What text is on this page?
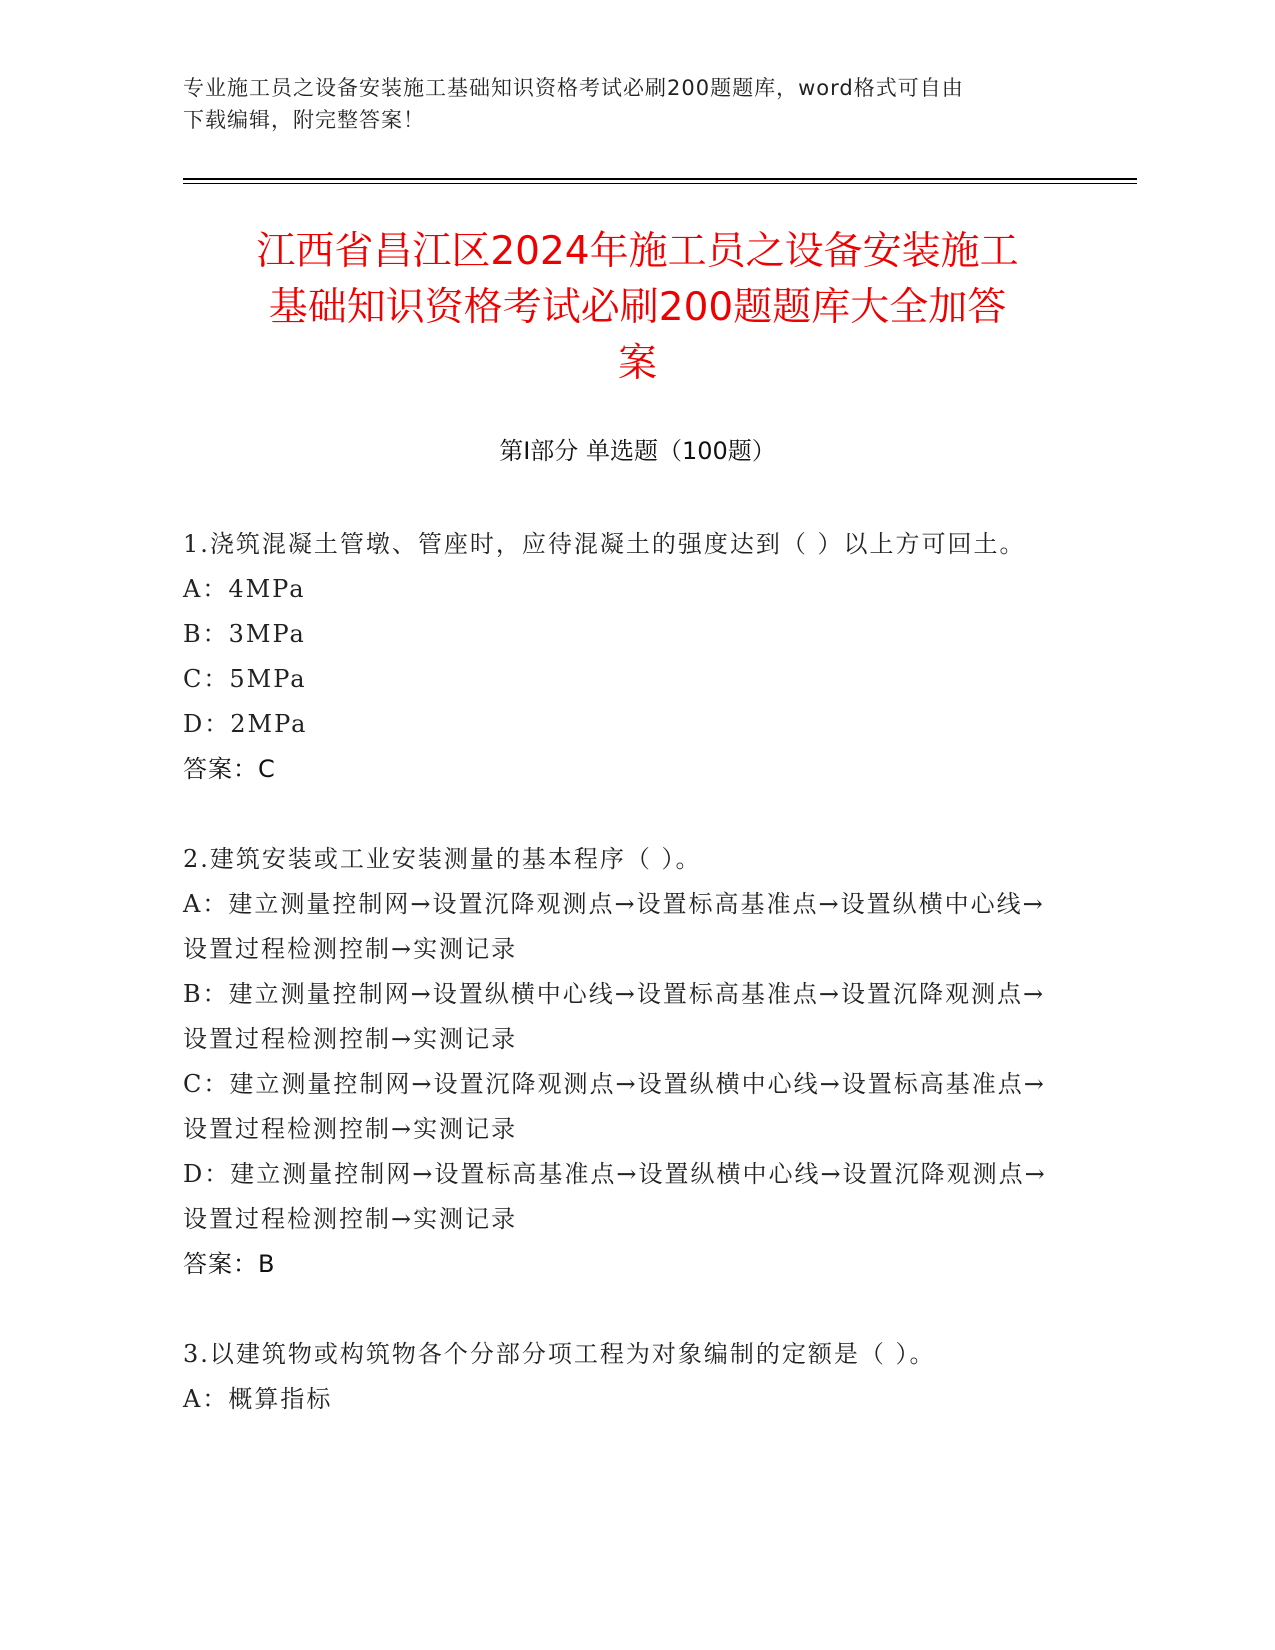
专业施工员之设备安装施工基础知识资格考试必刷200题题库，word格式可自由
下载编辑，附完整答案！
江西省昌江区2024年施工员之设备安装施工
基础知识资格考试必刷200题题库大全加答
案
第Ⅰ部分 单选题（100题）

1.浇筑混凝土管墩、管座时，应待混凝土的强度达到（ ）以上方可回土。

A：4MPa

B：3MPa

C：5MPa

D：2MPa

答案：C

2.建筑安装或工业安装测量的基本程序（ ）。

A：建立测量控制网→设置沉降观测点→设置标高基准点→设置纵横中心线→设置过程检测控制→实测记录

B：建立测量控制网→设置纵横中心线→设置标高基准点→设置沉降观测点→设置过程检测控制→实测记录

C：建立测量控制网→设置沉降观测点→设置纵横中心线→设置标高基准点→设置过程检测控制→实测记录

D：建立测量控制网→设置标高基准点→设置纵横中心线→设置沉降观测点→设置过程检测控制→实测记录

答案：B

3.以建筑物或构筑物各个分部分项工程为对象编制的定额是（ ）。

A：概算指标
